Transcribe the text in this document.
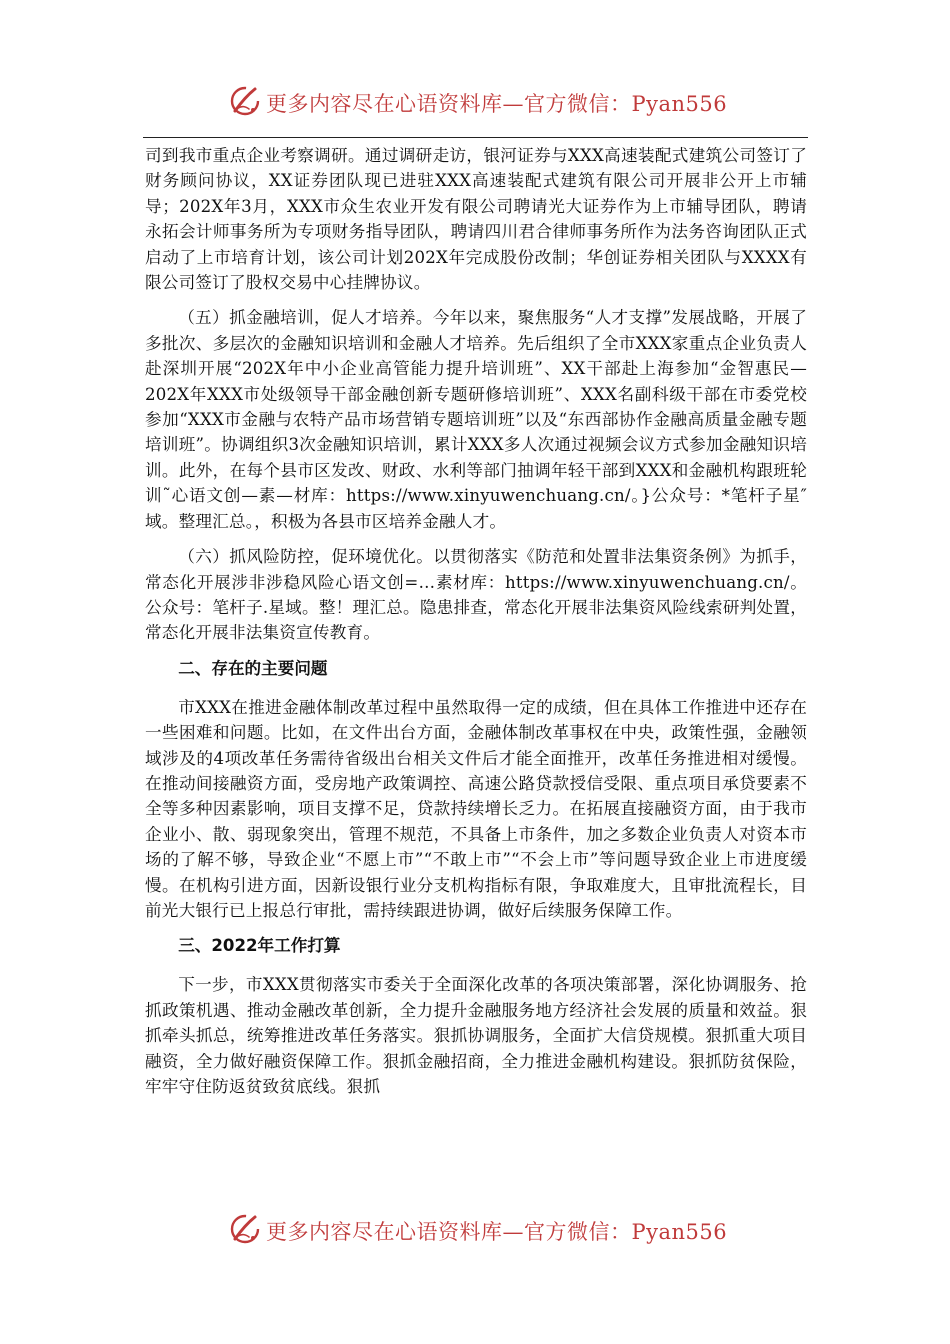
更多内容尽在心语资料库—官方微信：Pyan556

司到我市重点企业考察调研。通过调研走访，银河证券与XXX高速装配式建筑公司签订了财务顾问协议，XX证券团队现已进驻XXX高速装配式建筑有限公司开展非公开上市辅导；202X年3月，XXX市众生农业开发有限公司聘请光大证券作为上市辅导团队，聘请永拓会计师事务所为专项财务指导团队，聘请四川君合律师事务所作为法务咨询团队正式启动了上市培育计划，该公司计划202X年完成股份改制；华创证券相关团队与XXXX有限公司签订了股权交易中心挂牌协议。

（五）抓金融培训，促人才培养。今年以来，聚焦服务“人才支撑”发展战略，开展了多批次、多层次的金融知识培训和金融人才培养。先后组织了全市XXX家重点企业负责人赴深圳开展“202X年中小企业高管能力提升培训班”、XX干部赴上海参加“金智惠民—202X年XXX市处级领导干部金融创新专题研修培训班”、XXX名副科级干部在市委党校参加“XXX市金融与农特产品市场营销专题培训班”以及“东西部协作金融高质量金融专题培训班”。协调组织3次金融知识培训，累计XXX多人次通过视频会议方式参加金融知识培训。此外，在每个县市区发改、财政、水利等部门抽调年轻干部到XXX和金融机构跟班轮训˜心语文创—素—材库：https://www.xinyuwenchuang.cn/。}公众号：*笔杆子星″域。整理汇总。，积极为各县市区培养金融人才。

（六）抓风险防控，促环境优化。以贯彻落实《防范和处置非法集资条例》为抓手，常态化开展涉非涉稳风险心语文创=…素材库：https://www.xinyuwenchuang.cn/。公众号：笔杆子.星域。整！理汇总。隐患排查，常态化开展非法集资风险线索研判处置，常态化开展非法集资宣传教育。

二、存在的主要问题

市XXX在推进金融体制改革过程中虽然取得一定的成绩，但在具体工作推进中还存在一些困难和问题。比如，在文件出台方面，金融体制改革事权在中央，政策性强，金融领域涉及的4项改革任务需待省级出台相关文件后才能全面推开，改革任务推进相对缓慢。在推动间接融资方面，受房地产政策调控、高速公路贷款授信受限、重点项目承贷要素不全等多种因素影响，项目支撑不足，贷款持续增长乏力。在拓展直接融资方面，由于我市企业小、散、弱现象突出，管理不规范，不具备上市条件，加之多数企业负责人对资本市场的了解不够，导致企业“不愿上市”“不敢上市”“不会上市”等问题导致企业上市进度缓慢。在机构引进方面，因新设银行业分支机构指标有限，争取难度大，且审批流程长，目前光大银行已上报总行审批，需持续跟进协调，做好后续服务保障工作。

三、2022年工作打算

下一步，市XXX贯彻落实市委关于全面深化改革的各项决策部署，深化协调服务、抢抓政策机遇、推动金融改革创新，全力提升金融服务地方经济社会发展的质量和效益。狠抓牵头抓总，统筹推进改革任务落实。狠抓协调服务，全面扩大信贷规模。狠抓重大项目融资，全力做好融资保障工作。狠抓金融招商，全力推进金融机构建设。狠抓防贫保险，牢牢守住防返贫致贫底线。狠抓

更多内容尽在心语资料库—官方微信：Pyan556
